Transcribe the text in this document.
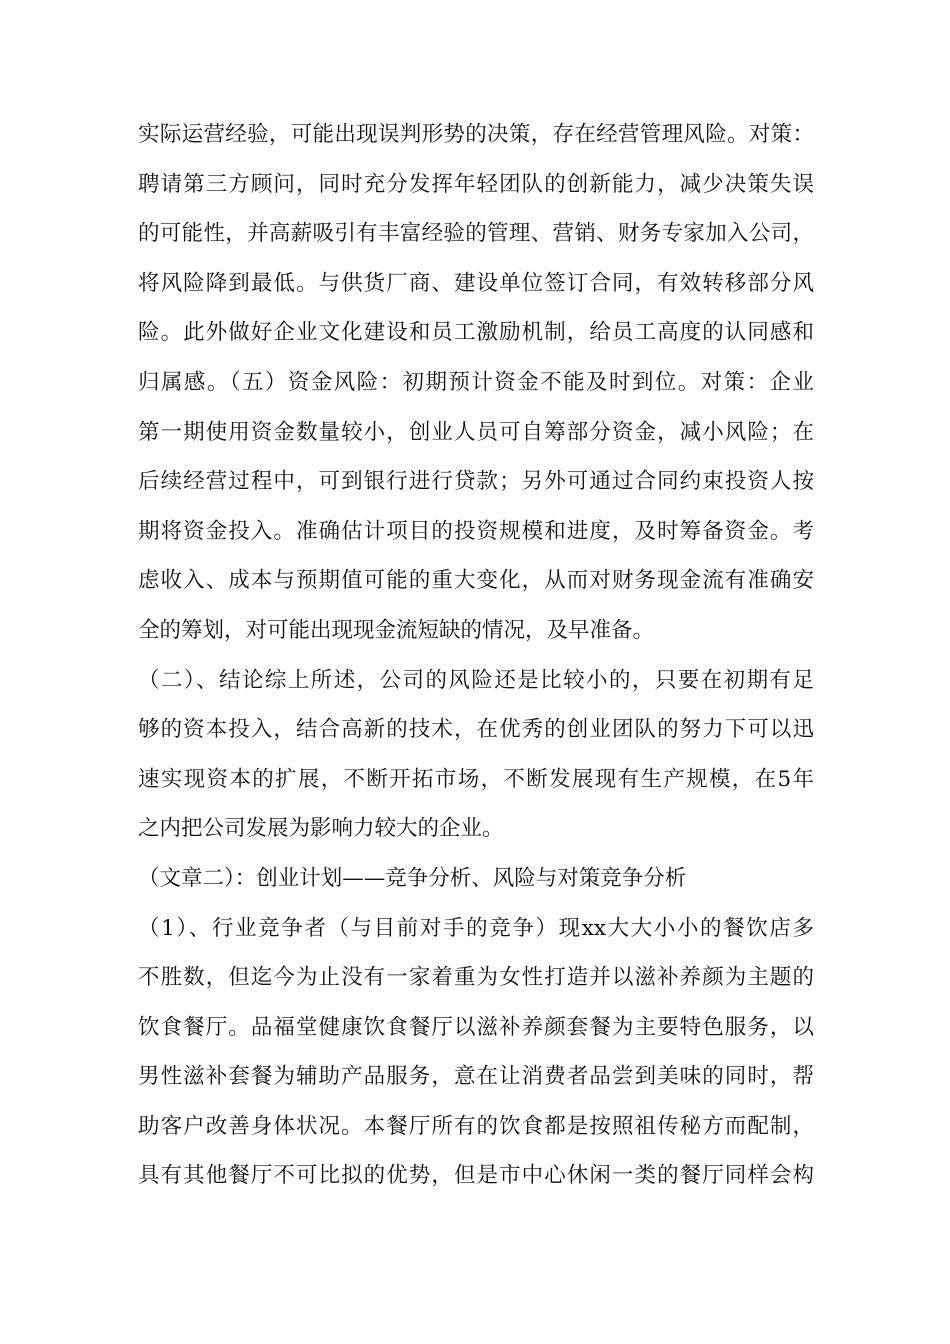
实际运营经验，可能出现误判形势的决策，存在经营管理风险。对策：
聘请第三方顾问，同时充分发挥年轻团队的创新能力，减少决策失误
的可能性，并高薪吸引有丰富经验的管理、营销、财务专家加入公司，
将风险降到最低。与供货厂商、建设单位签订合同，有效转移部分风
险。此外做好企业文化建设和员工激励机制，给员工高度的认同感和
归属感。（五）资金风险：初期预计资金不能及时到位。对策：企业
第一期使用资金数量较小，创业人员可自筹部分资金，减小风险；在
后续经营过程中，可到银行进行贷款；另外可通过合同约束投资人按
期将资金投入。准确估计项目的投资规模和进度，及时筹备资金。考
虑收入、成本与预期值可能的重大变化，从而对财务现金流有准确安
全的筹划，对可能出现现金流短缺的情况，及早准备。
（二）、结论综上所述，公司的风险还是比较小的，只要在初期有足
够的资本投入，结合高新的技术，在优秀的创业团队的努力下可以迅
速实现资本的扩展，不断开拓市场，不断发展现有生产规模，在5年
之内把公司发展为影响力较大的企业。
（文章二）：创业计划——竞争分析、风险与对策竞争分析
（1）、行业竞争者（与目前对手的竞争）现xx大大小小的餐饮店多
不胜数，但迄今为止没有一家着重为女性打造并以滋补养颜为主题的
饮食餐厅。品福堂健康饮食餐厅以滋补养颜套餐为主要特色服务，以
男性滋补套餐为辅助产品服务，意在让消费者品尝到美味的同时，帮
助客户改善身体状况。本餐厅所有的饮食都是按照祖传秘方而配制，
具有其他餐厅不可比拟的优势，但是市中心休闲一类的餐厅同样会构
